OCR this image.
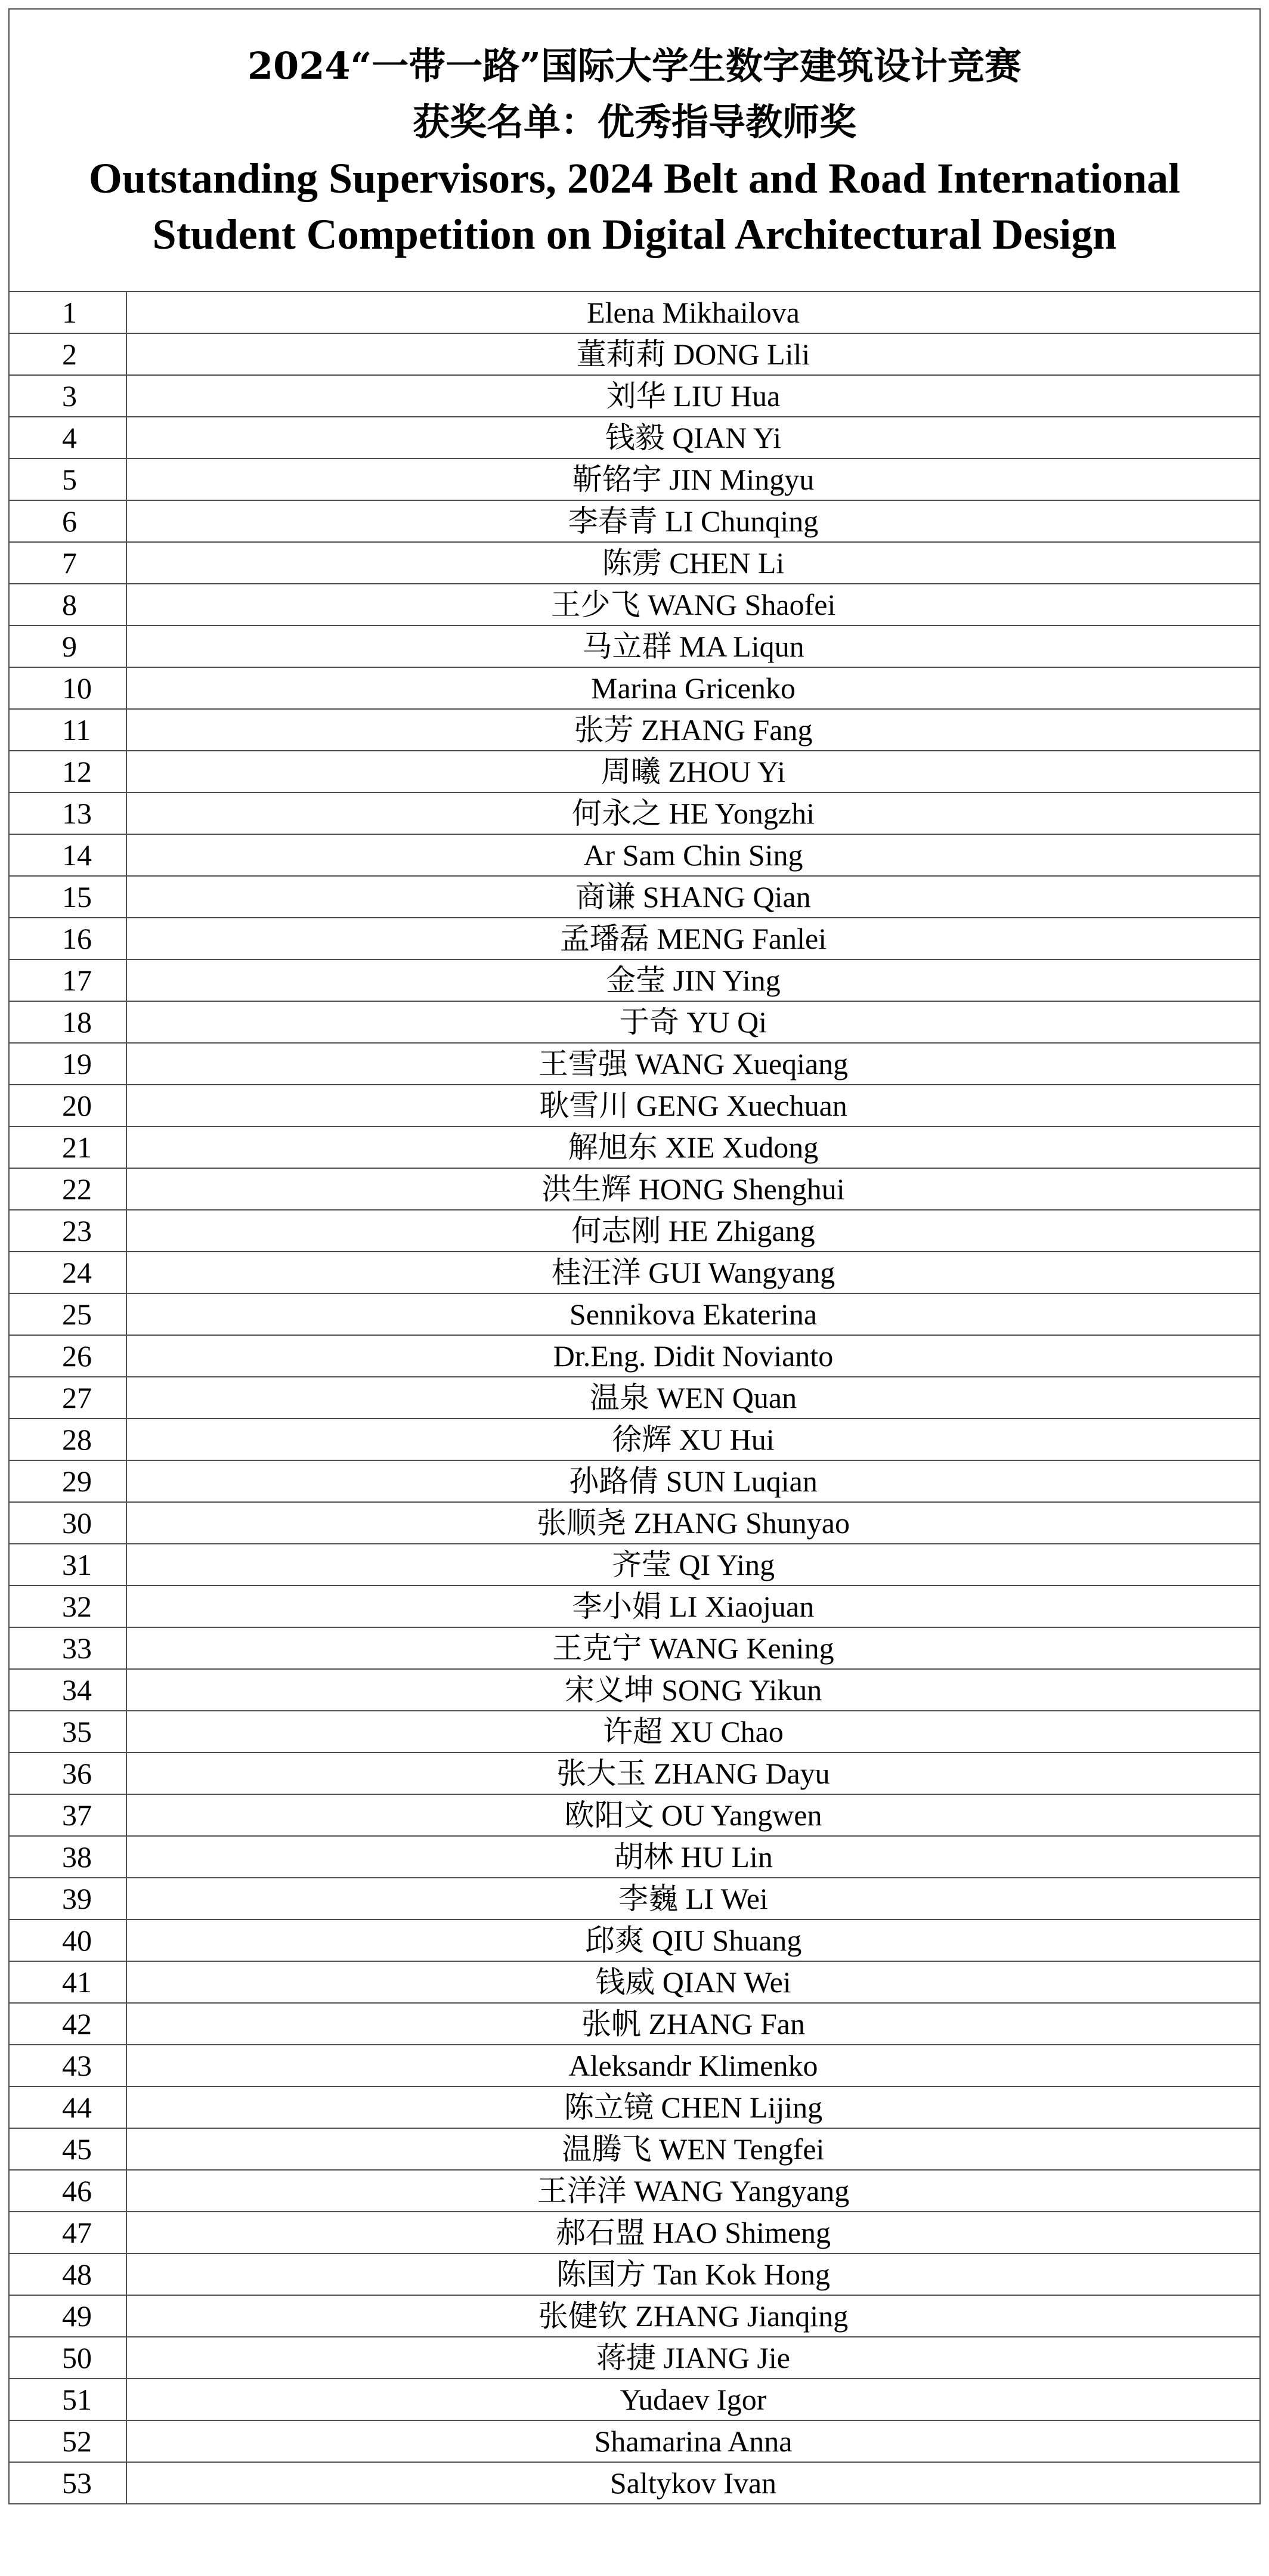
2024“一带一路”国际大学生数字建筑设计竞赛
获奖名单：优秀指导教师奖
Outstanding Supervisors, 2024 Belt and Road International
Student Competition on Digital Architectural Design
1	Elena Mikhailova
2	董莉莉 DONG Lili
3	刘华 LIU Hua
4	钱毅 QIAN Yi
5	靳铭宇 JIN Mingyu
6	李春青 LI Chunqing
7	陈雳 CHEN Li
8	王少飞 WANG Shaofei
9	马立群 MA Liqun
10	Marina Gricenko
11	张芳 ZHANG Fang
12	周曦 ZHOU Yi
13	何永之 HE Yongzhi
14	Ar Sam Chin Sing
15	商谦 SHANG Qian
16	孟璠磊 MENG Fanlei
17	金莹 JIN Ying
18	于奇 YU Qi
19	王雪强 WANG Xueqiang
20	耿雪川 GENG Xuechuan
21	解旭东 XIE Xudong
22	洪生辉 HONG Shenghui
23	何志刚 HE Zhigang
24	桂汪洋 GUI Wangyang
25	Sennikova Ekaterina
26	Dr.Eng. Didit Novianto
27	温泉 WEN Quan
28	徐辉 XU Hui
29	孙路倩 SUN Luqian
30	张顺尧 ZHANG Shunyao
31	齐莹 QI Ying
32	李小娟 LI Xiaojuan
33	王克宁 WANG Kening
34	宋义坤 SONG Yikun
35	许超 XU Chao
36	张大玉 ZHANG Dayu
37	欧阳文 OU Yangwen
38	胡林 HU Lin
39	李巍 LI Wei
40	邱爽 QIU Shuang
41	钱威 QIAN Wei
42	张帆 ZHANG Fan
43	Aleksandr Klimenko
44	陈立镜 CHEN Lijing
45	温腾飞 WEN Tengfei
46	王洋洋 WANG Yangyang
47	郝石盟 HAO Shimeng
48	陈国方 Tan Kok Hong
49	张健钦 ZHANG Jianqing
50	蒋捷 JIANG Jie
51	Yudaev Igor
52	Shamarina Anna
53	Saltykov Ivan
